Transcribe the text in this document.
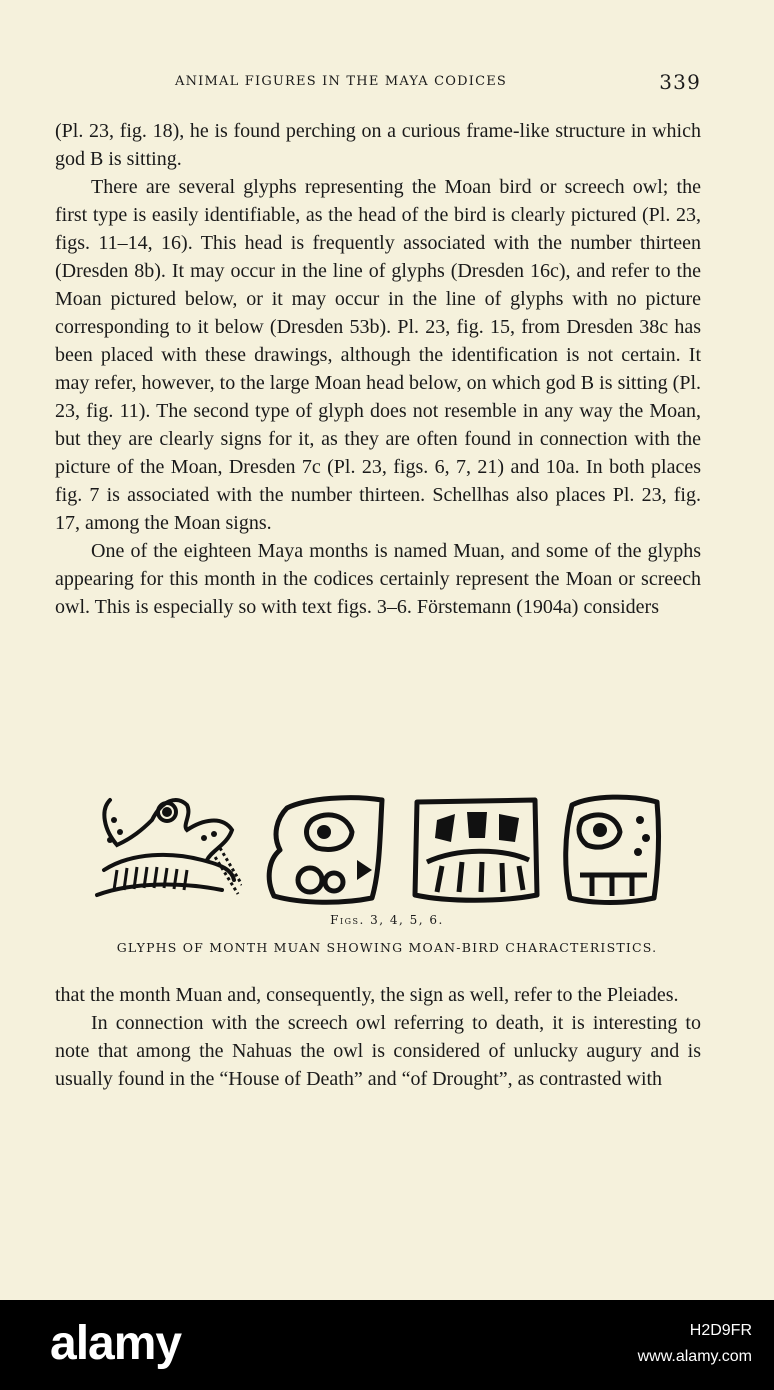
ANIMAL FIGURES IN THE MAYA CODICES	339

(Pl. 23, fig. 18), he is found perching on a curious frame-like structure in which god B is sitting.

There are several glyphs representing the Moan bird or screech owl; the first type is easily identifiable, as the head of the bird is clearly pictured (Pl. 23, figs. 11–14, 16). This head is frequently associated with the number thirteen (Dresden 8b). It may occur in the line of glyphs (Dresden 16c), and refer to the Moan pictured below, or it may occur in the line of glyphs with no picture corresponding to it below (Dresden 53b). Pl. 23, fig. 15, from Dresden 38c has been placed with these drawings, although the identification is not certain. It may refer, however, to the large Moan head below, on which god B is sitting (Pl. 23, fig. 11). The second type of glyph does not resemble in any way the Moan, but they are clearly signs for it, as they are often found in connection with the picture of the Moan, Dresden 7c (Pl. 23, figs. 6, 7, 21) and 10a. In both places fig. 7 is associated with the number thirteen. Schellhas also places Pl. 23, fig. 17, among the Moan signs.

One of the eighteen Maya months is named Muan, and some of the glyphs appearing for this month in the codices certainly represent the Moan or screech owl. This is especially so with text figs. 3–6. Förstemann (1904a) considers

Figs. 3, 4, 5, 6.
GLYPHS OF MONTH MUAN SHOWING MOAN-BIRD CHARACTERISTICS.

that the month Muan and, consequently, the sign as well, refer to the Pleiades.

In connection with the screech owl referring to death, it is interesting to note that among the Nahuas the owl is considered of unlucky augury and is usually found in the “House of Death” and “of Drought”, as contrasted with

alamy	H2D9FR
www.alamy.com
